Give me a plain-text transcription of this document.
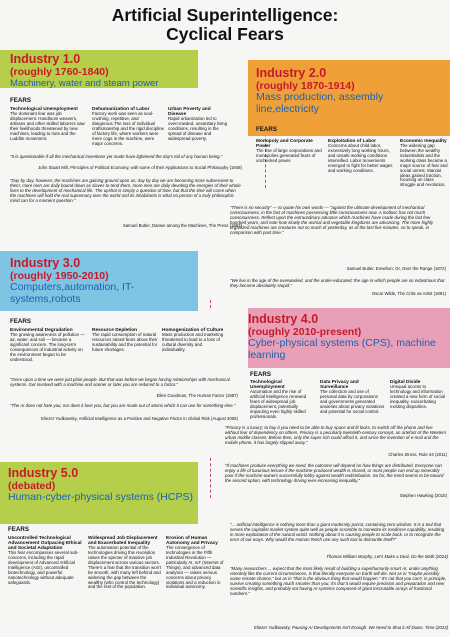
Artificial Superintelligence:
Cyclical Fears
Industry 1.0
(roughly 1760-1840)
Machinery, water and steam power
FEARS
Technological Unemployment
The dominant fear was job displacement. Handloom weavers, artisans and other skilled laborers saw their livelihoods threatened by new machines, leading to riots and the Luddite movement.
Dehumanization of Labor
Factory work was seen as soul-crushing, repetitive, and dangerous.The loss of individual craftsmanship and the rigid discipline of factory life, where workers were mere cogs in the machine, were major concerns.
Urban Poverty and Disease
Rapid urbanization led to overcrowded, unsanitary living conditions, resulting in the spread of disease and widespread poverty.
"It is questionable if all the mechanical inventions yet made have lightened the day's toil of any human being."
John Stuart Mill, Principles of Political Economy, with some of their Applications to Social Philosophy (1848)
"Day by day, however, the machines are gaining ground upon us; day by day we are becoming more subservient to them; more men are daily bound down as slaves to tend them, more men are daily devoting the energies of their whole lives to the development of mechanical life. The upshot is simply a question of time, but that the time will come when the machines will hold the real supremacy over the world and its inhabitants is what no person of a truly philosophic mind can for a moment question."
Samuel Butler, Darwin among the Machines, The Press (1863)
Industry 2.0
(roughly 1870-1914)
Mass production, assembly line,electricity
FEARS
Monopoly and Corporate Power
The rise of large corporations and monopolies generated fears of unchecked power.
Exploitation of Labor
Concerns about child labor, excessively long working hours, and unsafe working conditions intensified. Labor movements emerged to fight for better wages and working conditions.
Economic Inequality
The widening gap between the wealthy industrialists and the working class became a major source of fear and social unrest. Marxist ideas gained traction, focusing on class struggle and revolution.
"There is no security" — to quote his own words — "against the ultimate development of mechanical consciousness, in the fact of machines possessing little consciousness now. A mollusc has not much consciousness. Reflect upon the extraordinary advance which machines have made during the last few hundred years, and note how slowly the animal and vegetable kingdoms are advancing. The more highly organized machines are creatures not so much of yesterday, as of the last five minutes, so to speak, in comparison with past time."
Samuel Butler, Erewhon: Or, Over the Range (1872)
"We live in the age of the overworked, and the under-educated; the age in which people are so industrious that they become absolutely stupid."
Oscar Wilde, The Critic as Artist (1891)
Industry 3.0
(roughly 1950-2010)
Computers,automation, IT-systems,robots
FEARS
Environmental Degradation
The growing awareness of pollution — air, water, and soil — became a significant concern. The long-term consequences of industrial activity on the environment began to be understood.
Resource Depletion
The rapid consumption of natural resources raised fears about their sustainability and the potential for future shortages.
Homogenization of Culture
Mass production and marketing threatened to lead to a loss of cultural diversity and individuality.
"Once upon a time we were just plain people. But that was before we began having relationships with mechanical systems. Get involved with a machine and sooner or later you are reduced to a factor."
Ellen Goodman, The Human Factor (1987)
"The AI does not hate you, nor does it love you, but you are made out of atoms which it can use for something else."
Eliezer Yudkowsky, Artificial Intelligence as a Positive and Negative Factor in Global Risk (August 2006)
Industry 4.0
(roughly 2010-present)
Cyber-physical systems (CPS), machine learning
FEARS
Technological Unemployment
Automation and the rise of artificial intelligence renewed fears of widespread job displacement, potentially impacting even highly skilled professionals.
Data Privacy and Surveillance
The collection and use of personal data by corporations and governments generated anxieties about privacy violations and potential for social control.
Digital Divide
Unequal access to technology and information created a new form of social inequality, exacerbating existing disparities.
"Privacy is a luxury; to buy it you need to be able to buy space and lit locks, to switch off the phone and live without fear of dependency on others. Privacy is a peculiarly twentieth-century concept, an artefact of the Western urban middle classes: Before then, only the super rich could afford it, and since the invention of e-mail and the mobile phone, it has largely slipped away."
Charles Stross, Rule 34 (2011)
"If machines produce everything we need, the outcome will depend on how things are distributed. Everyone can enjoy a life of luxurious leisure if the machine-produced wealth is shared, or most people can end up miserably poor if the machine-owners successfully lobby against wealth redistribution. So far, the trend seems to be toward the second option, with technology driving ever-increasing inequality."
Stephen Hawking (2015)
Industry 5.0
(debated)
Human-cyber-physical systems (HCPS)
FEARS
Uncontrolled Technological Advancement Outpacing Ethical and Societal Adaptation
This fear encompasses several sub-concerns, including the rapid development of Advanced Artificial Intelligence (AGI), uncontrolled biotechnology, and powerful nanotechnology without adequate safeguards.
Widespread Job Displacement and Exacerbated Inequality
The automation potential of the technologies driving this revolution raises the specter of massive job displacement across various sectors. There's a fear that the transition won't be smooth, with many left behind and widening the gap between the wealthy (who control the technology) and the rest of the population.
Erosion of Human Autonomy and Privacy
The convergence of technologies in the Fifth Industrial Revolution — particularly AI, IoT (Internet of Things), and advanced data analytics — raises serious concerns about privacy violations and a reduction in individual autonomy.
"... artificial intelligence is nothing more than a giant modernity parrot, containing zero wisdom. It is a tool that serves the capitalist market system quite well as people scramble to monetize its mediocre capability, resulting in more exploitation of the natural world. Nothing about it is causing people to scale back, or to recognize the error of our ways. Why would the Human Reich use any such tool to dismantle itself?"
Thomas William Murphy, Let's Make a Deal, Do the Math (2024)
"Many researchers ... expect that the most likely result of building a superhumanly smart AI, under anything remotely like the current circumstances, is that literally everyone on Earth will die. Not as in "maybe possibly some remote chance," but as in "that is the obvious thing that would happen." It's not that you can't, in principle, survive creating something much smarter than you; it's that it would require precision and preparation and new scientific insights, and probably not having AI systems composed of giant inscrutable arrays of fractional numbers."
Eliezer Yudkowsky, Pausing AI Developments Isn't Enough. We Need to Shut it All Down, Time (2023)
